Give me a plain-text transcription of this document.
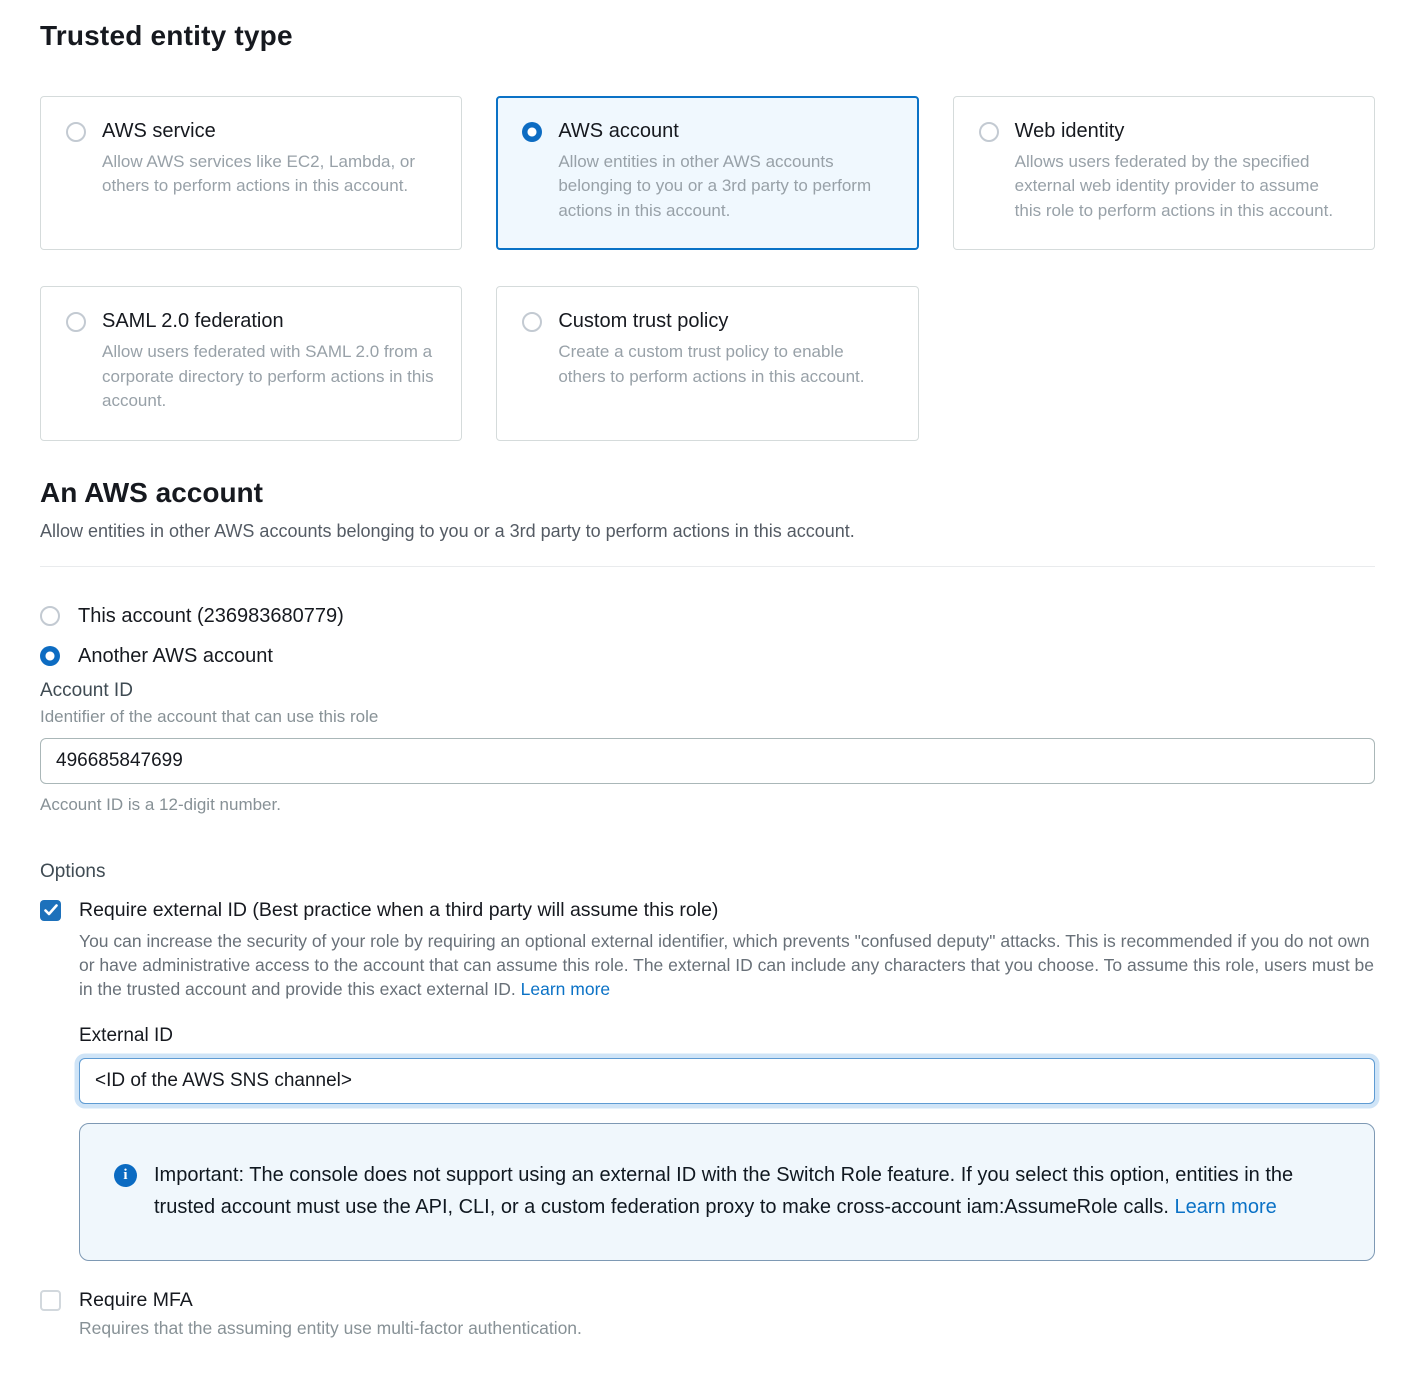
Trusted entity type
AWS service
Allow AWS services like EC2, Lambda, or others to perform actions in this account.
AWS account
Allow entities in other AWS accounts belonging to you or a 3rd party to perform actions in this account.
Web identity
Allows users federated by the specified external web identity provider to assume this role to perform actions in this account.
SAML 2.0 federation
Allow users federated with SAML 2.0 from a corporate directory to perform actions in this account.
Custom trust policy
Create a custom trust policy to enable others to perform actions in this account.
An AWS account

Allow entities in other AWS accounts belonging to you or a 3rd party to perform actions in this account.

This account (236983680779)
Another AWS account
Account ID
Identifier of the account that can use this role
496685847699
Account ID is a 12-digit number.
Options
Require external ID (Best practice when a third party will assume this role)

You can increase the security of your role by requiring an optional external identifier, which prevents "confused deputy" attacks. This is recommended if you do not own or have administrative access to the account that can assume this role. The external ID can include any characters that you choose. To assume this role, users must be in the trusted account and provide this exact external ID. Learn more

External ID
<ID of the AWS SNS channel>
i	Important: The console does not support using an external ID with the Switch Role feature. If you select this option, entities in the trusted account must use the API, CLI, or a custom federation proxy to make cross-account iam:AssumeRole calls. Learn more
Require MFA
Requires that the assuming entity use multi-factor authentication.
